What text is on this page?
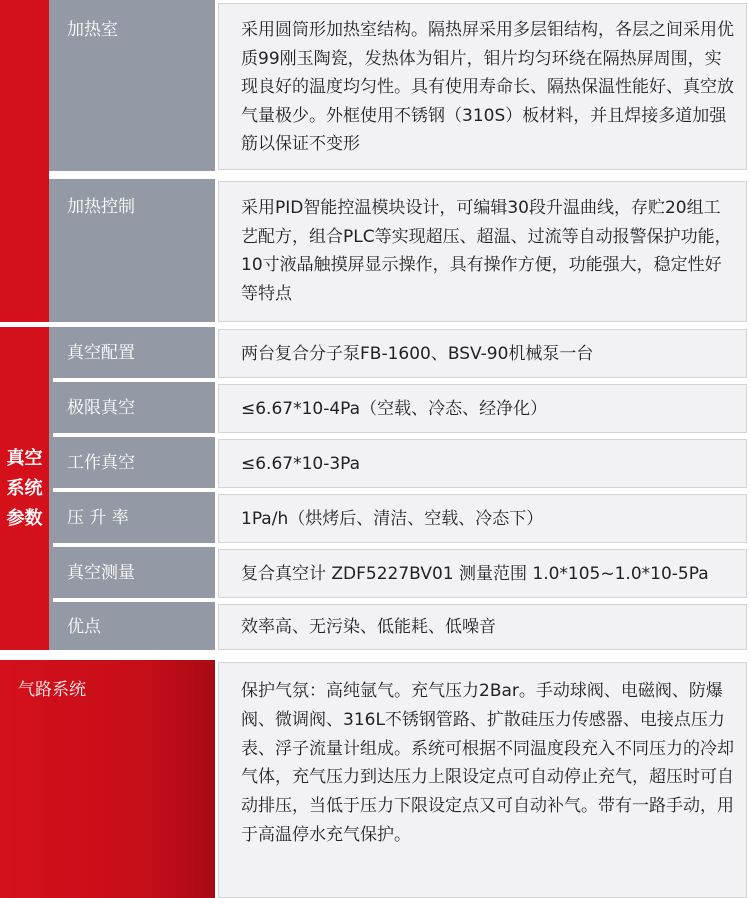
加热室	采用圆筒形加热室结构。隔热屏采用多层钼结构，各层之间采用优质99刚玉陶瓷，发热体为钼片，钼片均匀环绕在隔热屏周围，实现良好的温度均匀性。具有使用寿命长、隔热保温性能好、真空放气量极少。外框使用不锈钢（310S）板材料，并且焊接多道加强筋以保证不变形
加热控制	采用PID智能控温模块设计，可编辑30段升温曲线，存贮20组工艺配方，组合PLC等实现超压、超温、过流等自动报警保护功能，10寸液晶触摸屏显示操作，具有操作方便，功能强大，稳定性好等特点
真空系统参数
真空配置	两台复合分子泵FB-1600、BSV-90机械泵一台
极限真空	≤6.67*10-4Pa（空载、冷态、经净化）
工作真空	≤6.67*10-3Pa
压 升 率	1Pa/h（烘烤后、清洁、空载、冷态下）
真空测量	复合真空计 ZDF5227BV01 测量范围 1.0*105~1.0*10-5Pa
优点	效率高、无污染、低能耗、低噪音
气路系统	保护气氛：高纯氩气。充气压力2Bar。手动球阀、电磁阀、防爆阀、微调阀、316L不锈钢管路、扩散硅压力传感器、电接点压力表、浮子流量计组成。系统可根据不同温度段充入不同压力的冷却气体，充气压力到达压力上限设定点可自动停止充气，超压时可自动排压，当低于压力下限设定点又可自动补气。带有一路手动，用于高温停水充气保护。
